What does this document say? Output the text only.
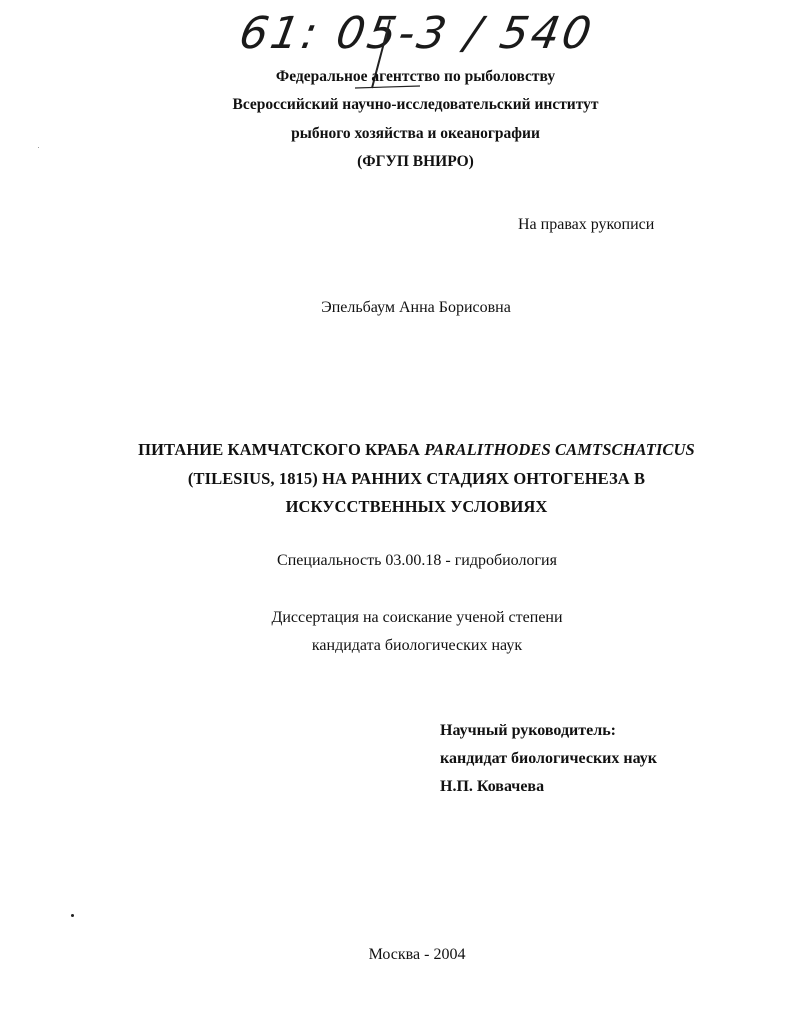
61: 05-3 / 540
Федеральное агентство по рыболовству
Всероссийский научно-исследовательский институт
рыбного хозяйства и океанографии
(ФГУП ВНИРО)
На правах рукописи
Эпельбаум Анна Борисовна
ПИТАНИЕ КАМЧАТСКОГО КРАБА PARALITHODES CAMTSCHATICUS
(TILESIUS, 1815) НА РАННИХ СТАДИЯХ ОНТОГЕНЕЗА В
ИСКУССТВЕННЫХ УСЛОВИЯХ
Специальность 03.00.18 - гидробиология
Диссертация на соискание ученой степени
кандидата биологических наук
Научный руководитель:
кандидат биологических наук
Н.П. Ковачева
Москва - 2004
